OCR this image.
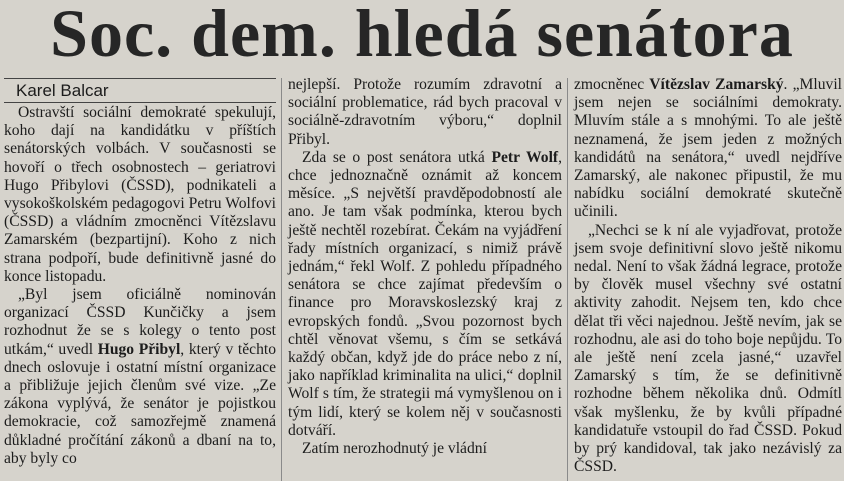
Soc. dem. hledá senátora
Karel Balcar

Ostravští sociální demokraté spekulují, koho dají na kandidátku v příštích senátorských volbách. V současnosti se hovoří o třech osobnostech – geriatrovi Hugo Přibylovi (ČSSD), podnikateli a vysokoškolském pedagogovi Petru Wolfovi (ČSSD) a vládním zmocněnci Vítězslavu Zamarském (bezpartijní). Koho z nich strana podpoří, bude definitivně jasné do konce listopadu.

„Byl jsem oficiálně nominován organizací ČSSD Kunčičky a jsem rozhodnut že se s kolegy o tento post utkám,“ uvedl Hugo Přibyl, který v těchto dnech oslovuje i ostatní místní organizace a přibližuje jejich členům své vize. „Ze zákona vyplývá, že senátor je pojistkou demokracie, což samozřejmě znamená důkladné pročítání zákonů a dbaní na to, aby byly co

nejlepší. Protože rozumím zdravotní a sociální problematice, rád bych pracoval v sociálně-zdravotním výboru,“ doplnil Přibyl.

Zda se o post senátora utká Petr Wolf, chce jednoznačně oznámit až koncem měsíce. „S největší pravděpodobností ale ano. Je tam však podmínka, kterou bych ještě nechtěl rozebírat. Čekám na vyjádření řady místních organizací, s nimiž právě jednám,“ řekl Wolf. Z pohledu případného senátora se chce zajímat především o finance pro Moravskoslezský kraj z evropských fondů. „Svou pozornost bych chtěl věnovat všemu, s čím se setkává každý občan, když jde do práce nebo z ní, jako například kriminalita na ulici,“ doplnil Wolf s tím, že strategii má vymyšlenou on i tým lidí, který se kolem něj v současnosti dotváří.

Zatím nerozhodnutý je vládní

zmocněnec Vítězslav Zamarský. „Mluvil jsem nejen se sociálními demokraty. Mluvím stále a s mnohými. To ale ještě neznamená, že jsem jeden z možných kandidátů na senátora,“ uvedl nejdříve Zamarský, ale nakonec připustil, že mu nabídku sociální demokraté skutečně učinili.

„Nechci se k ní ale vyjadřovat, protože jsem svoje definitivní slovo ještě nikomu nedal. Není to však žádná legrace, protože by člověk musel všechny své ostatní aktivity zahodit. Nejsem ten, kdo chce dělat tři věci najednou. Ještě nevím, jak se rozhodnu, ale asi do toho boje nepůjdu. To ale ještě není zcela jasné,“ uzavřel Zamarský s tím, že se definitivně rozhodne během několika dnů. Odmítl však myšlenku, že by kvůli případné kandidatuře vstoupil do řad ČSSD. Pokud by prý kandidoval, tak jako nezávislý za ČSSD.
